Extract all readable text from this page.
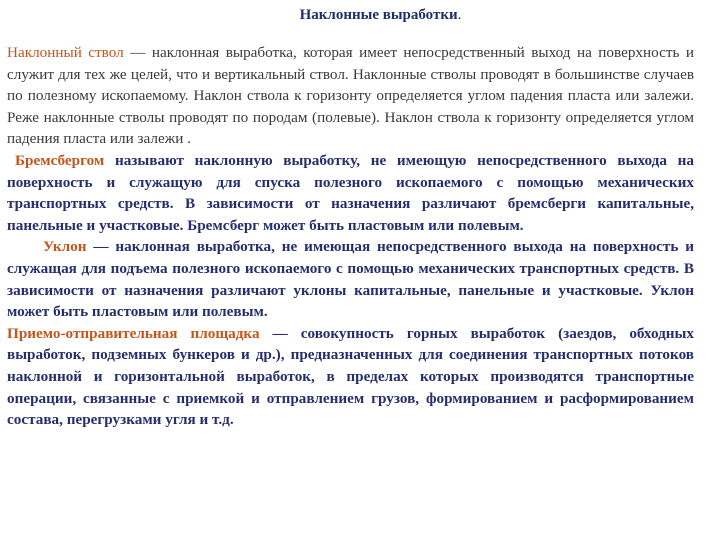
Наклонные выработки.

Наклонный ствол — наклонная выработка, которая имеет непосредственный выход на поверхность и служит для тех же целей, что и вертикальный ствол. Наклонные стволы проводят в большинстве случаев по полезному ископаемому. Наклон ствола к горизонту определяется углом падения пласта или залежи. Реже наклонные стволы проводят по породам (полевые). Наклон ствола к горизонту определяется углом падения пласта или залежи .

Бремсбергом называют наклонную выработку, не имеющую непосредственного выхода на поверхность и служащую для спуска полезного ископаемого с помощью механических транспортных средств. В зависимости от назначения различают бремсберги капитальные, панельные и участковые. Бремсберг может быть пластовым или полевым.

Уклон — наклонная выработка, не имеющая непосредственного выхода на поверхность и служащая для подъема полезного ископаемого с помощью механических транспортных средств. В зависимости от назначения различают уклоны капитальные, панельные и участковые. Уклон может быть пластовым или полевым.

Приемо-отправительная площадка — совокупность горных выработок (заездов, обходных выработок, подземных бункеров и др.), предназначенных для соединения транспортных потоков наклонной и горизонтальной выработок, в пределах которых производятся транспортные операции, связанные с приемкой и отправлением грузов, формированием и расформированием состава, перегрузками угля и т.д.
